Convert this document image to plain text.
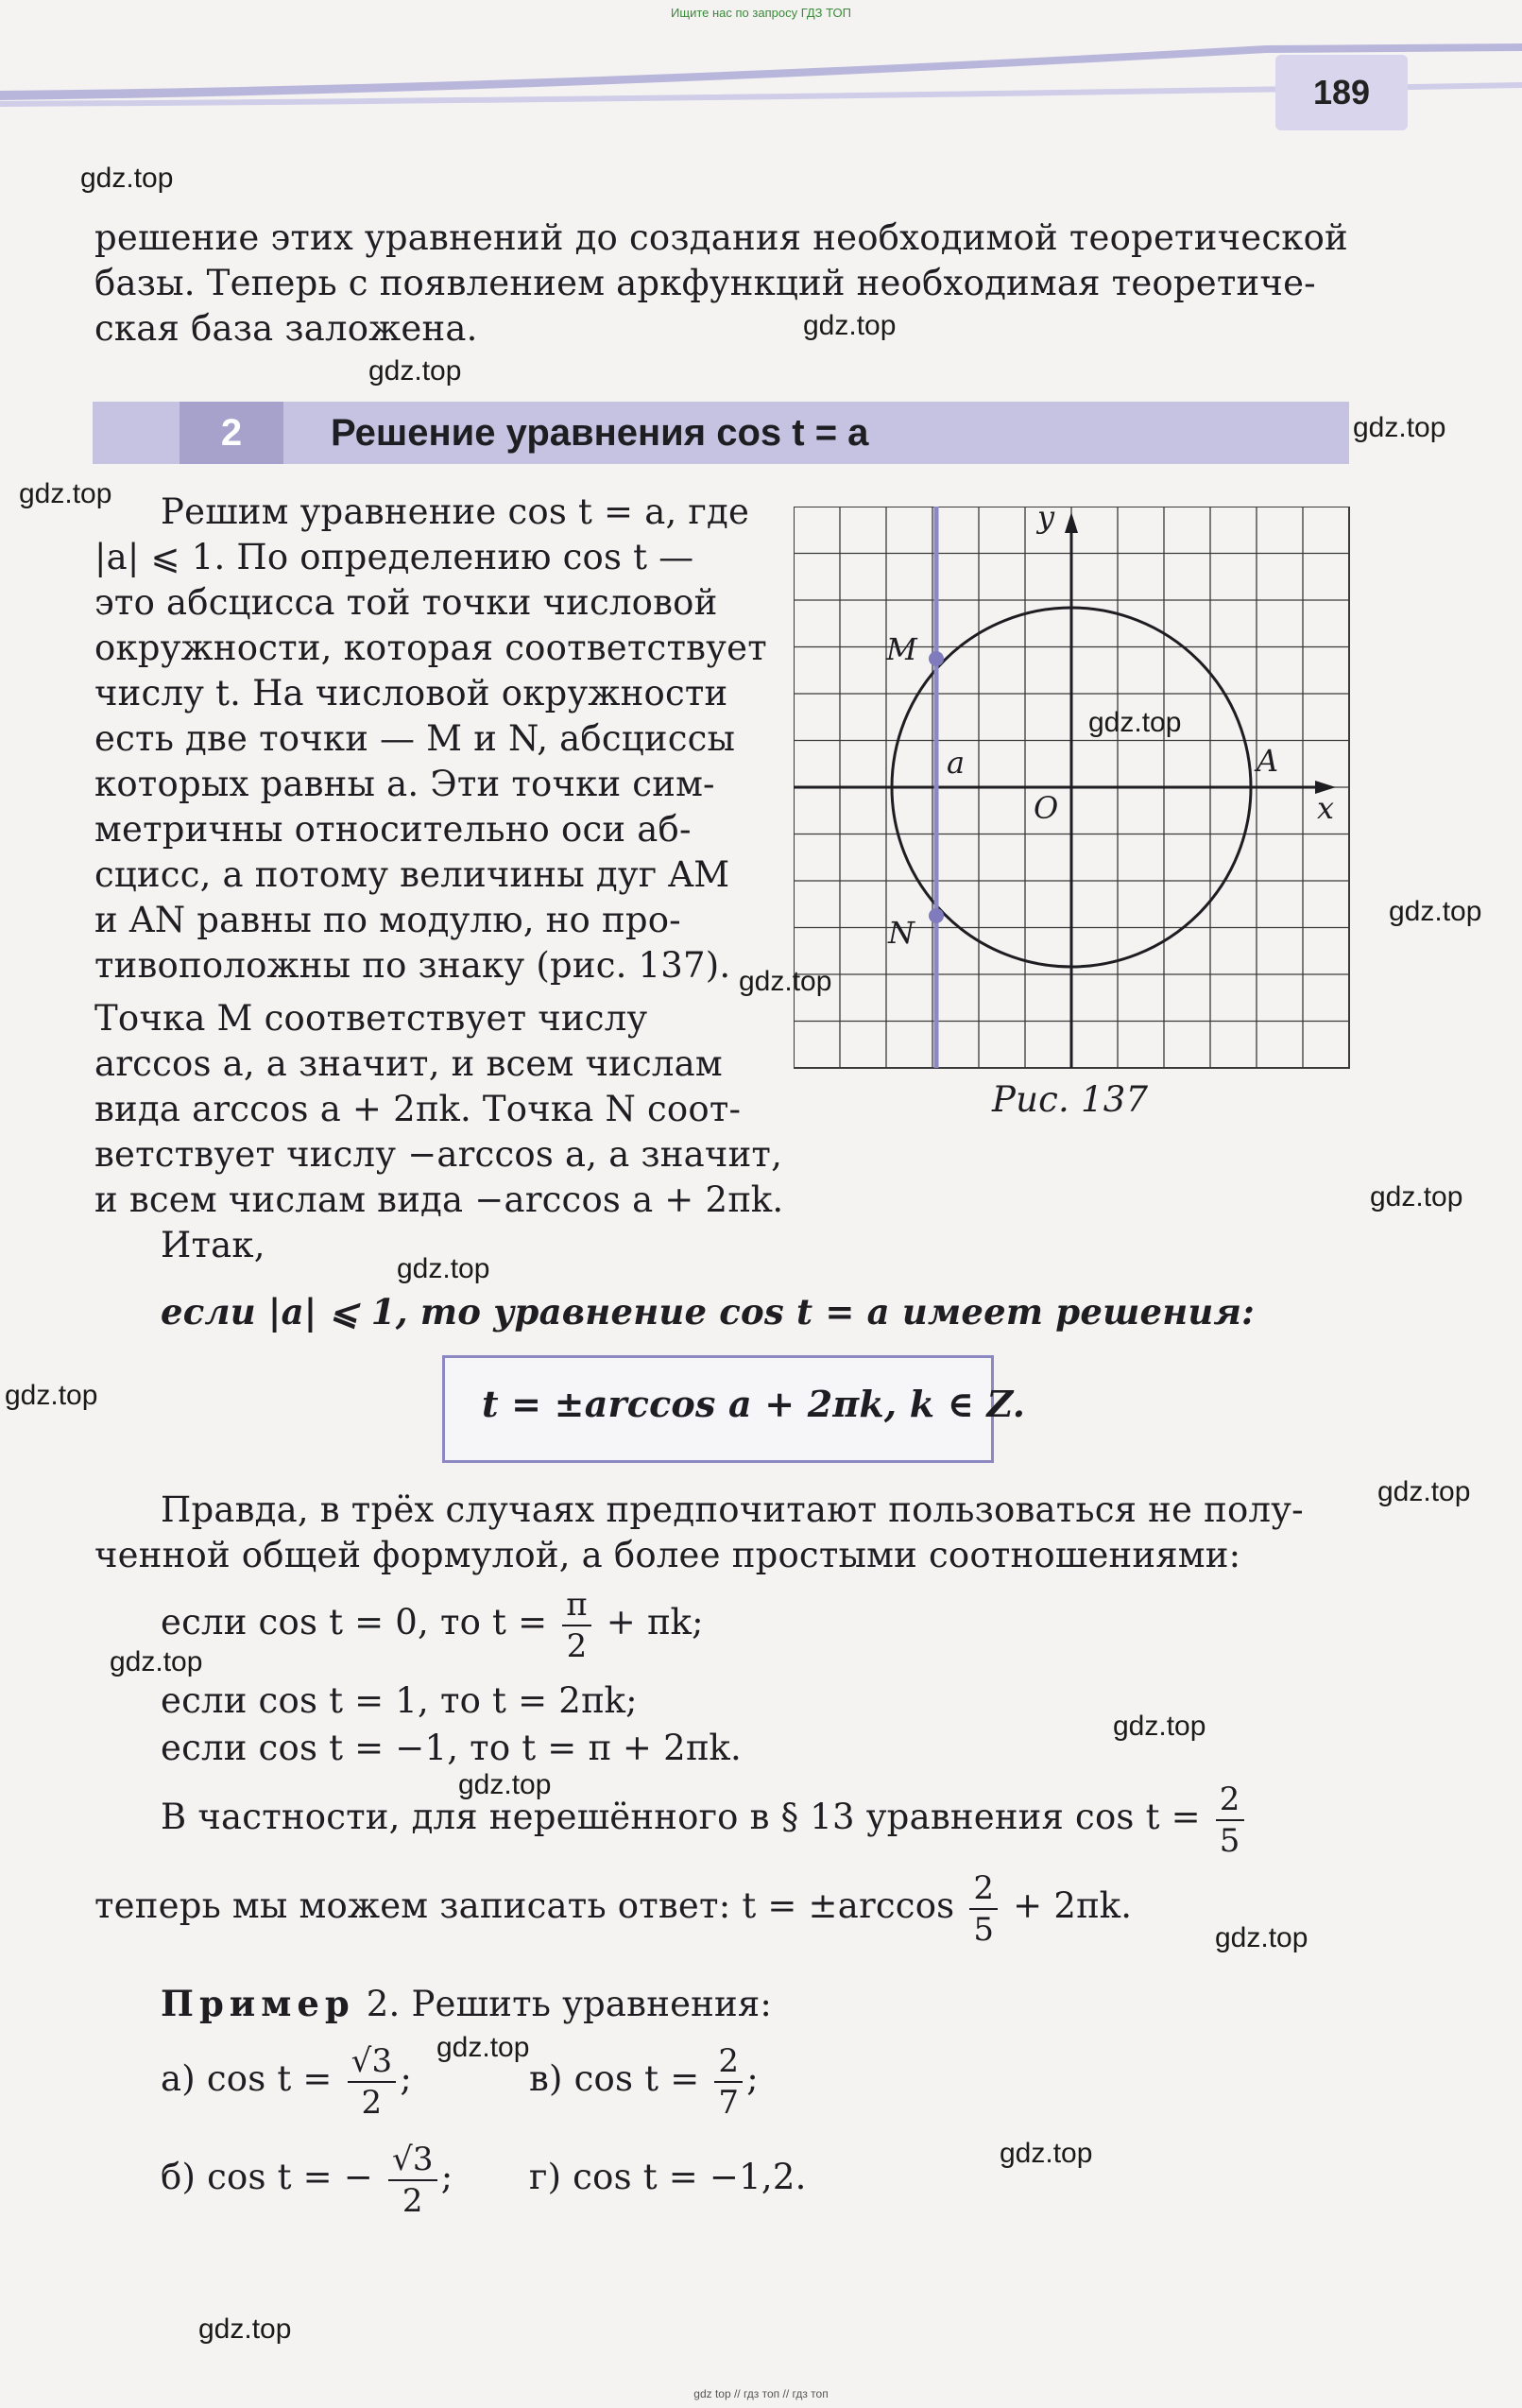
Ищите нас по запросу ГДЗ ТОП
189
решение этих уравнений до создания необходимой теоретической
базы. Теперь с появлением аркфункций необходимая теоретиче-
ская база заложена.
2	Решение уравнения cos t = a
Решим уравнение cos t = a, где
|a| ⩽ 1. По определению cos t —
это абсцисса той точки числовой
окружности, которая соответствует
числу t. На числовой окружности
есть две точки — M и N, абсциссы
которых равны a. Эти точки сим-
метричны относительно оси аб-
сцисс, а потому величины дуг AM
и AN равны по модулю, но про-
тивоположны по знаку (рис. 137).
Точка M соответствует числу
arccos a, а значит, и всем числам
вида arccos a + 2πk. Точка N соот-
ветствует числу −arccos a, а значит,
и всем числам вида −arccos a + 2πk.
M
N
a	A
O	x
y
Рис. 137
Итак,
если |a| ⩽ 1, то уравнение cos t = a имеет решения:
t = ±arccos a + 2πk, k ∈ Z.
Правда, в трёх случаях предпочитают пользоваться не полу-
ченной общей формулой, а более простыми соотношениями:
если cos t = 0, то $t = \frac{\pi}{2} + \pi k$;
если cos t = 1, то t = 2πk;
если cos t = −1, то t = π + 2πk.
В частности, для нерешённого в § 13 уравнения $\cos t = \frac{2}{5}$
теперь мы можем записать ответ: $t = \pm\arccos \frac{2}{5} + 2\pi k$.
Пример 2. Решить уравнения:
а) $\cos t = \frac{√3}{2}$ ;	в) $\cos t = \frac{2}{7}$ ;
б) cos t = − $\frac{√3}{2}$ ; г) cos t = −1,2.
gdz.top
gdz.top
gdz.top
gdz.top
gdz.top
gdz.top
gdz.top
gdz.top
gdz.top
gdz.top
gdz.top
gdz.top
gdz.top
gdz.top
gdz.top
gdz.top
gdz.top
gdz.top
gdz.top
gdz top // гдз топ // гдз топ
